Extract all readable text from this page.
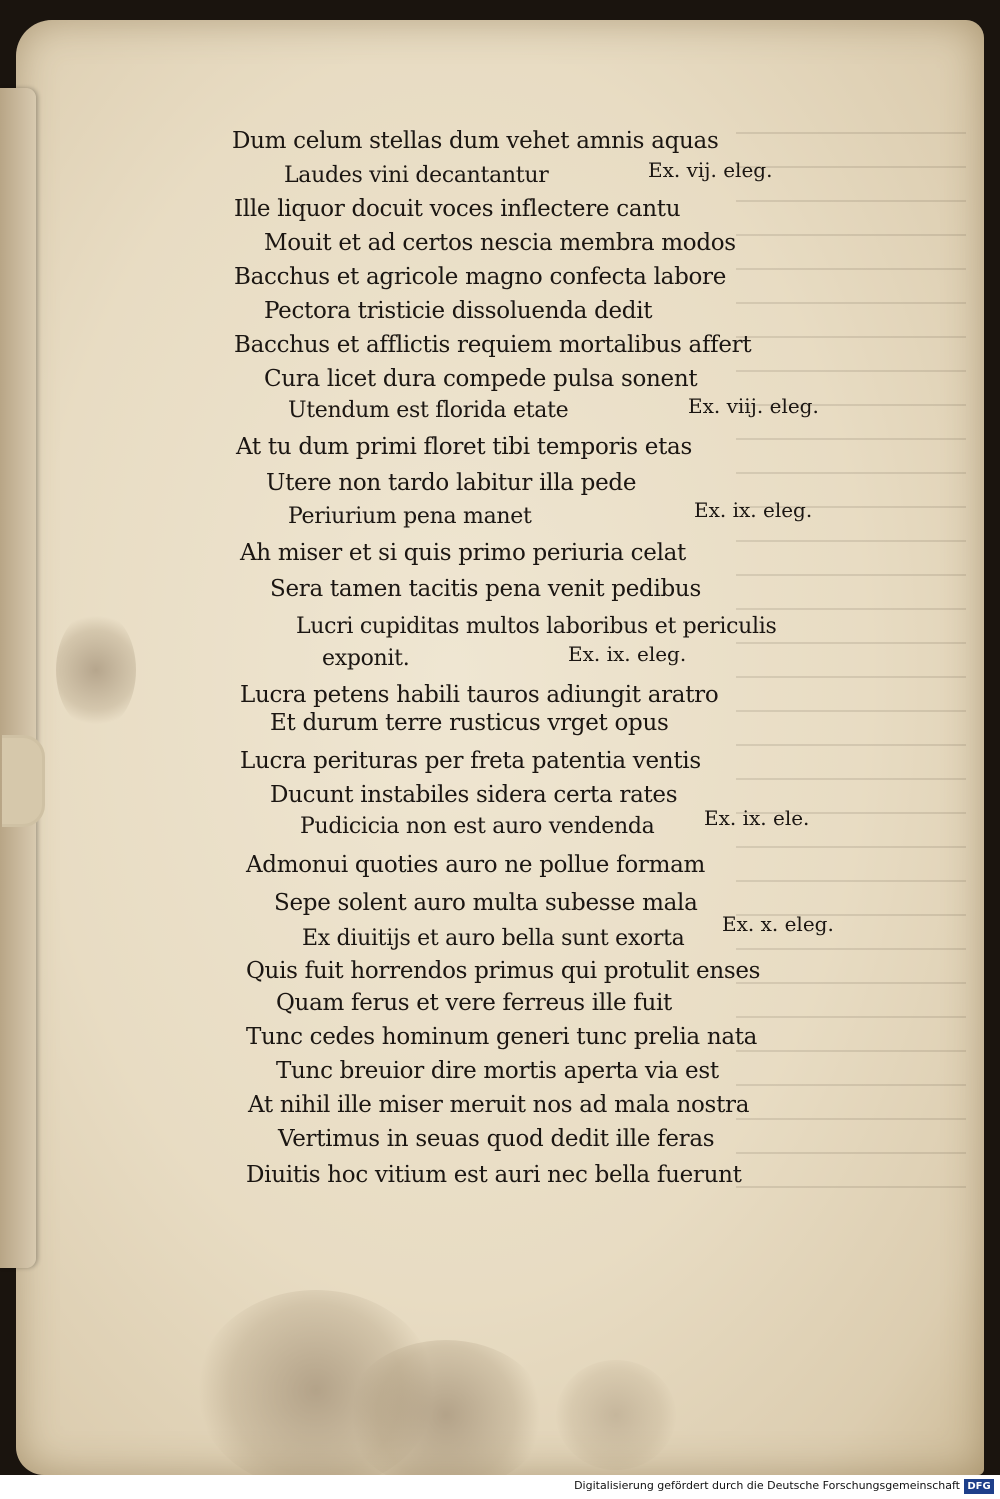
Dum celum stellas dum vehet amnis aquas
Laudes vini decantantur	Ex. vij. eleg.
Ille liquor docuit voces inflectere cantu
Mouit et ad certos nescia membra modos
Bacchus et agricole magno confecta labore
Pectora tristicie dissoluenda dedit
Bacchus et afflictis requiem mortalibus affert
Cura licet dura compede pulsa sonent
Utendum est florida etate	Ex. viij. eleg.
At tu dum primi floret tibi temporis etas
Utere non tardo labitur illa pede
Periurium pena manet	Ex. ix. eleg.
Ah miser et si quis primo periuria celat
Sera tamen tacitis pena venit pedibus
Lucri cupiditas multos laboribus et periculis
exponit.	Ex. ix. eleg.
Lucra petens habili tauros adiungit aratro
Et durum terre rusticus vrget opus
Lucra perituras per freta patentia ventis
Ducunt instabiles sidera certa rates
Pudicicia non est auro vendenda Ex. ix. ele.
Admonui quoties auro ne pollue formam
Sepe solent auro multa subesse mala
Ex diuitijs et auro bella sunt exorta
Ex. x. eleg.
Quis fuit horrendos primus qui protulit enses
Quam ferus et vere ferreus ille fuit
Tunc cedes hominum generi tunc prelia nata
Tunc breuior dire mortis aperta via est
At nihil ille miser meruit nos ad mala nostra
Vertimus in seuas quod dedit ille feras
Diuitis hoc vitium est auri nec bella fuerunt
Digitalisierung gefördert durch die Deutsche Forschungsgemeinschaft DFG
